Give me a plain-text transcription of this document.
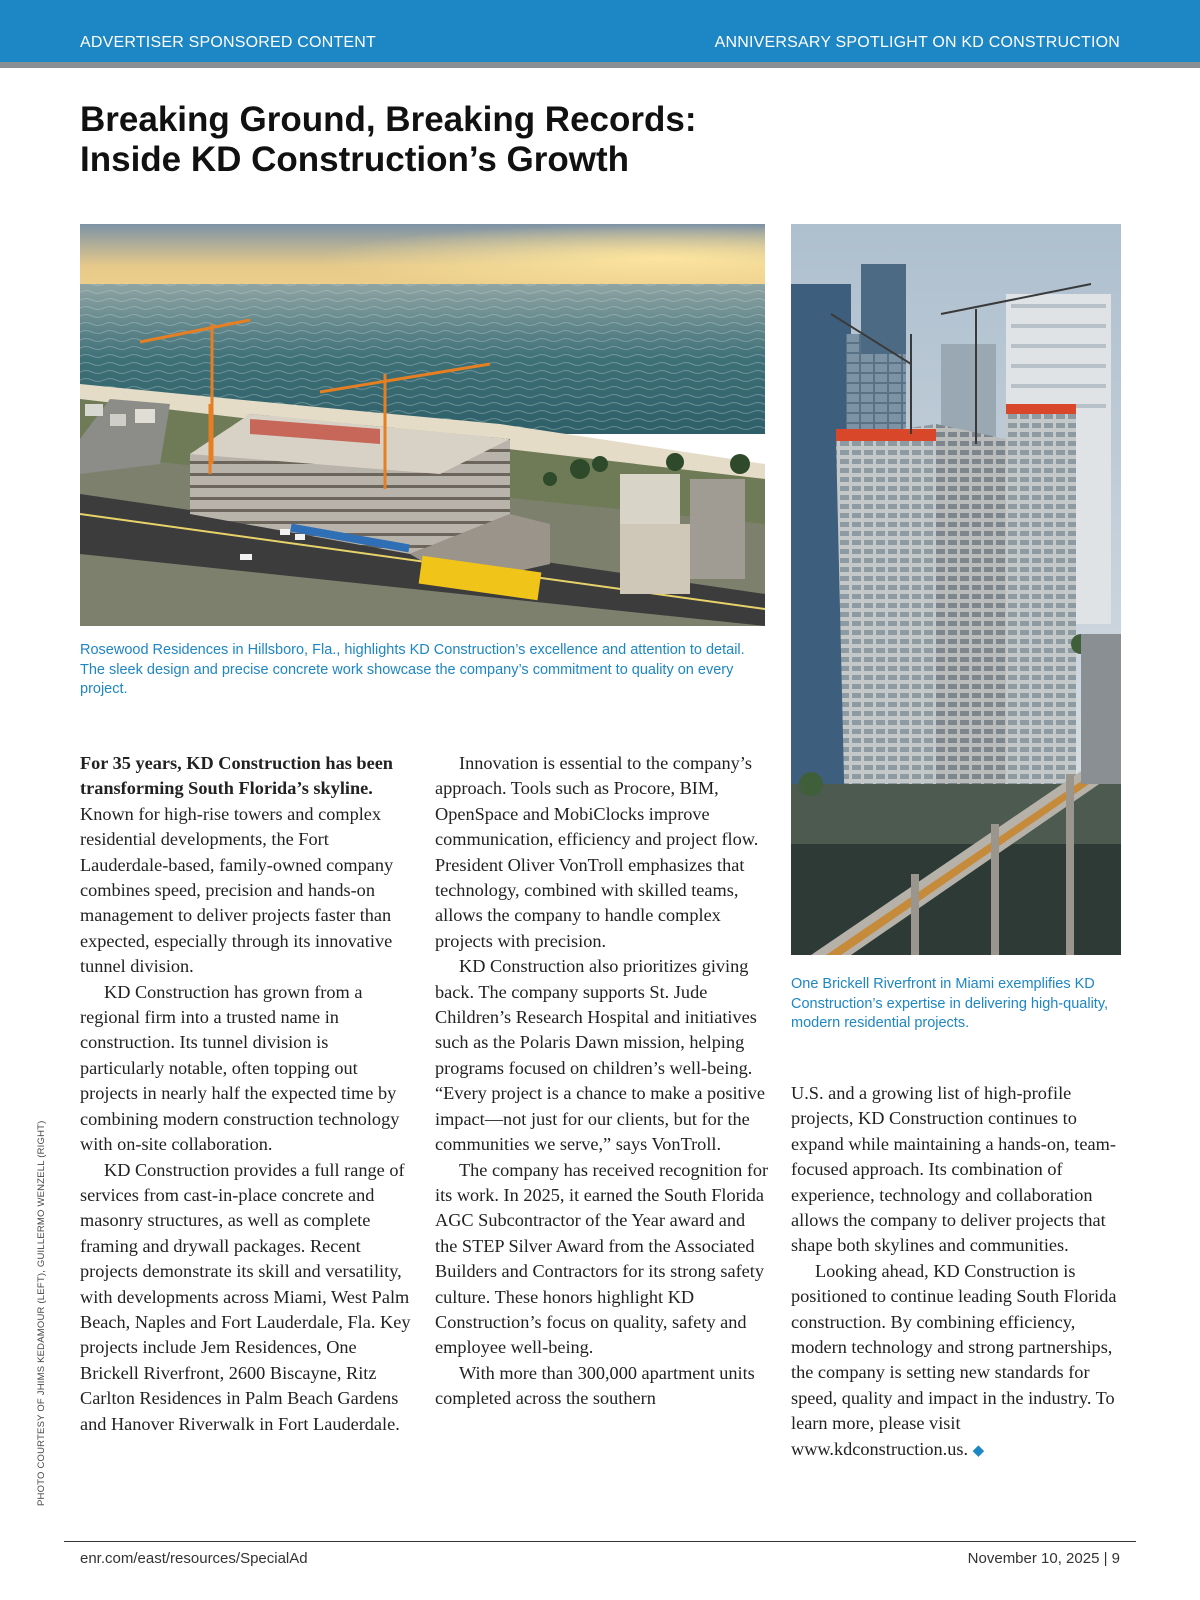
ADVERTISER SPONSORED CONTENT	ANNIVERSARY SPOTLIGHT ON KD CONSTRUCTION
Breaking Ground, Breaking Records:
Inside KD Construction’s Growth

Rosewood Residences in Hillsboro, Fla., highlights KD Construction’s excellence and attention to detail. The sleek design and precise concrete work showcase the company’s commitment to quality on every project.

One Brickell Riverfront in Miami exemplifies KD Construction’s expertise in delivering high-quality, modern residential projects.

For 35 years, KD Construction has been transforming South Florida’s skyline. Known for high-rise towers and complex residential developments, the Fort Lauderdale-based, family-owned company combines speed, precision and hands-on management to deliver projects faster than expected, especially through its innovative tunnel division.

KD Construction has grown from a regional firm into a trusted name in construction. Its tunnel division is particularly notable, often topping out projects in nearly half the expected time by combining modern construction technology with on-site collaboration.

KD Construction provides a full range of services from cast-in-place concrete and masonry structures, as well as complete framing and drywall packages. Recent projects demonstrate its skill and versatility, with developments across Miami, West Palm Beach, Naples and Fort Lauderdale, Fla. Key projects include Jem Residences, One Brickell Riverfront, 2600 Biscayne, Ritz Carlton Residences in Palm Beach Gardens and Hanover Riverwalk in Fort Lauderdale.

Innovation is essential to the company’s approach. Tools such as Procore, BIM, OpenSpace and MobiClocks improve communication, efficiency and project flow. President Oliver VonTroll emphasizes that technology, combined with skilled teams, allows the company to handle complex projects with precision.

KD Construction also prioritizes giving back. The company supports St. Jude Children’s Research Hospital and initiatives such as the Polaris Dawn mission, helping programs focused on children’s well-being. “Every project is a chance to make a positive impact—not just for our clients, but for the communities we serve,” says VonTroll.

The company has received recognition for its work. In 2025, it earned the South Florida AGC Subcontractor of the Year award and the STEP Silver Award from the Associated Builders and Contractors for its strong safety culture. These honors highlight KD Construction’s focus on quality, safety and employee well-being.

With more than 300,000 apartment units completed across the southern

U.S. and a growing list of high-profile projects, KD Construction continues to expand while maintaining a hands-on, team-focused approach. Its combination of experience, technology and collaboration allows the company to deliver projects that shape both skylines and communities.

Looking ahead, KD Construction is positioned to continue leading South Florida construction. By combining efficiency, modern technology and strong partnerships, the company is setting new standards for speed, quality and impact in the industry. To learn more, please visit www.kdconstruction.us. ◆

PHOTO COURTESY OF JHIMS KEDAMOUR (LEFT), GUILLERMO WENZELL (RIGHT)
enr.com/east/resources/SpecialAd	November 10, 2025 | 9
